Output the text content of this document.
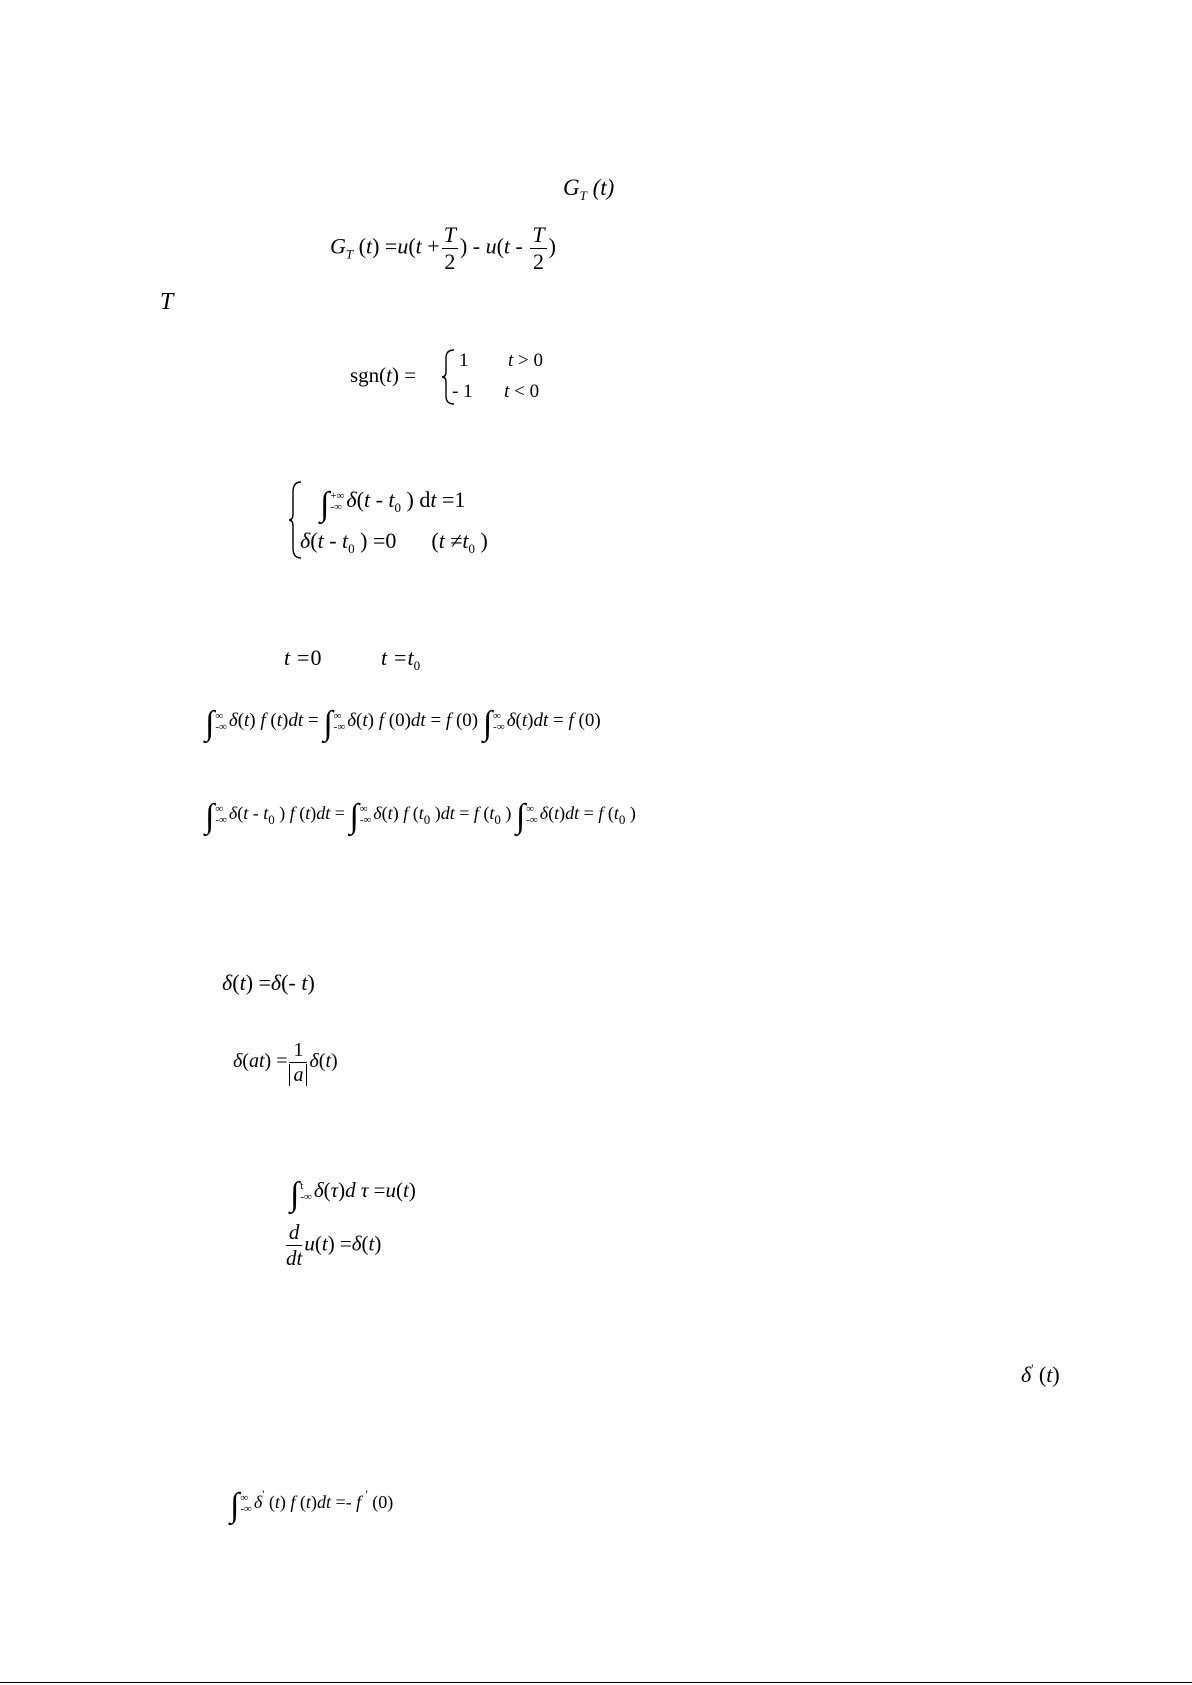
$G_T$ (t)
$G_T$ $(t) =u(t + \frac{T}{2}$ ) - $u(t - \frac{T}{2}$ )
T
sgn(t) =
1 t > 0
- 1 t < 0
∫ +∞
-∞ $\delta(t - t_0$ ) dt =1
$\delta(t - t_0$ ) =0  ($t \ne t_0$ )
t =0	$t =t_0$
∫ ∞
-∞ δ(t) f (t)dt = ∫ ∞
-∞ δ(t) f (0)dt = f (0) ∫ ∞
-∞ δ(t)dt = f (0)
∫ ∞
-∞ $\delta(t - t_0$ ) f (t)dt = ∫ ∞
-∞ δ(t) f ($t_0$ )dt = f ($t_0$ ) ∫ ∞
-∞ δ(t)dt = f ($t_0$ )
δ(t) =δ(- t)
$\delta(at) = \frac{1}{a} \delta(t)$
∫ t
-∞ δ(τ)d τ =u(t)
$\frac{d}{dt} u(t) =\delta(t)$
δ' (t)
∫ ∞
-∞ δ' (t) f (t)dt =- f ' (0)
